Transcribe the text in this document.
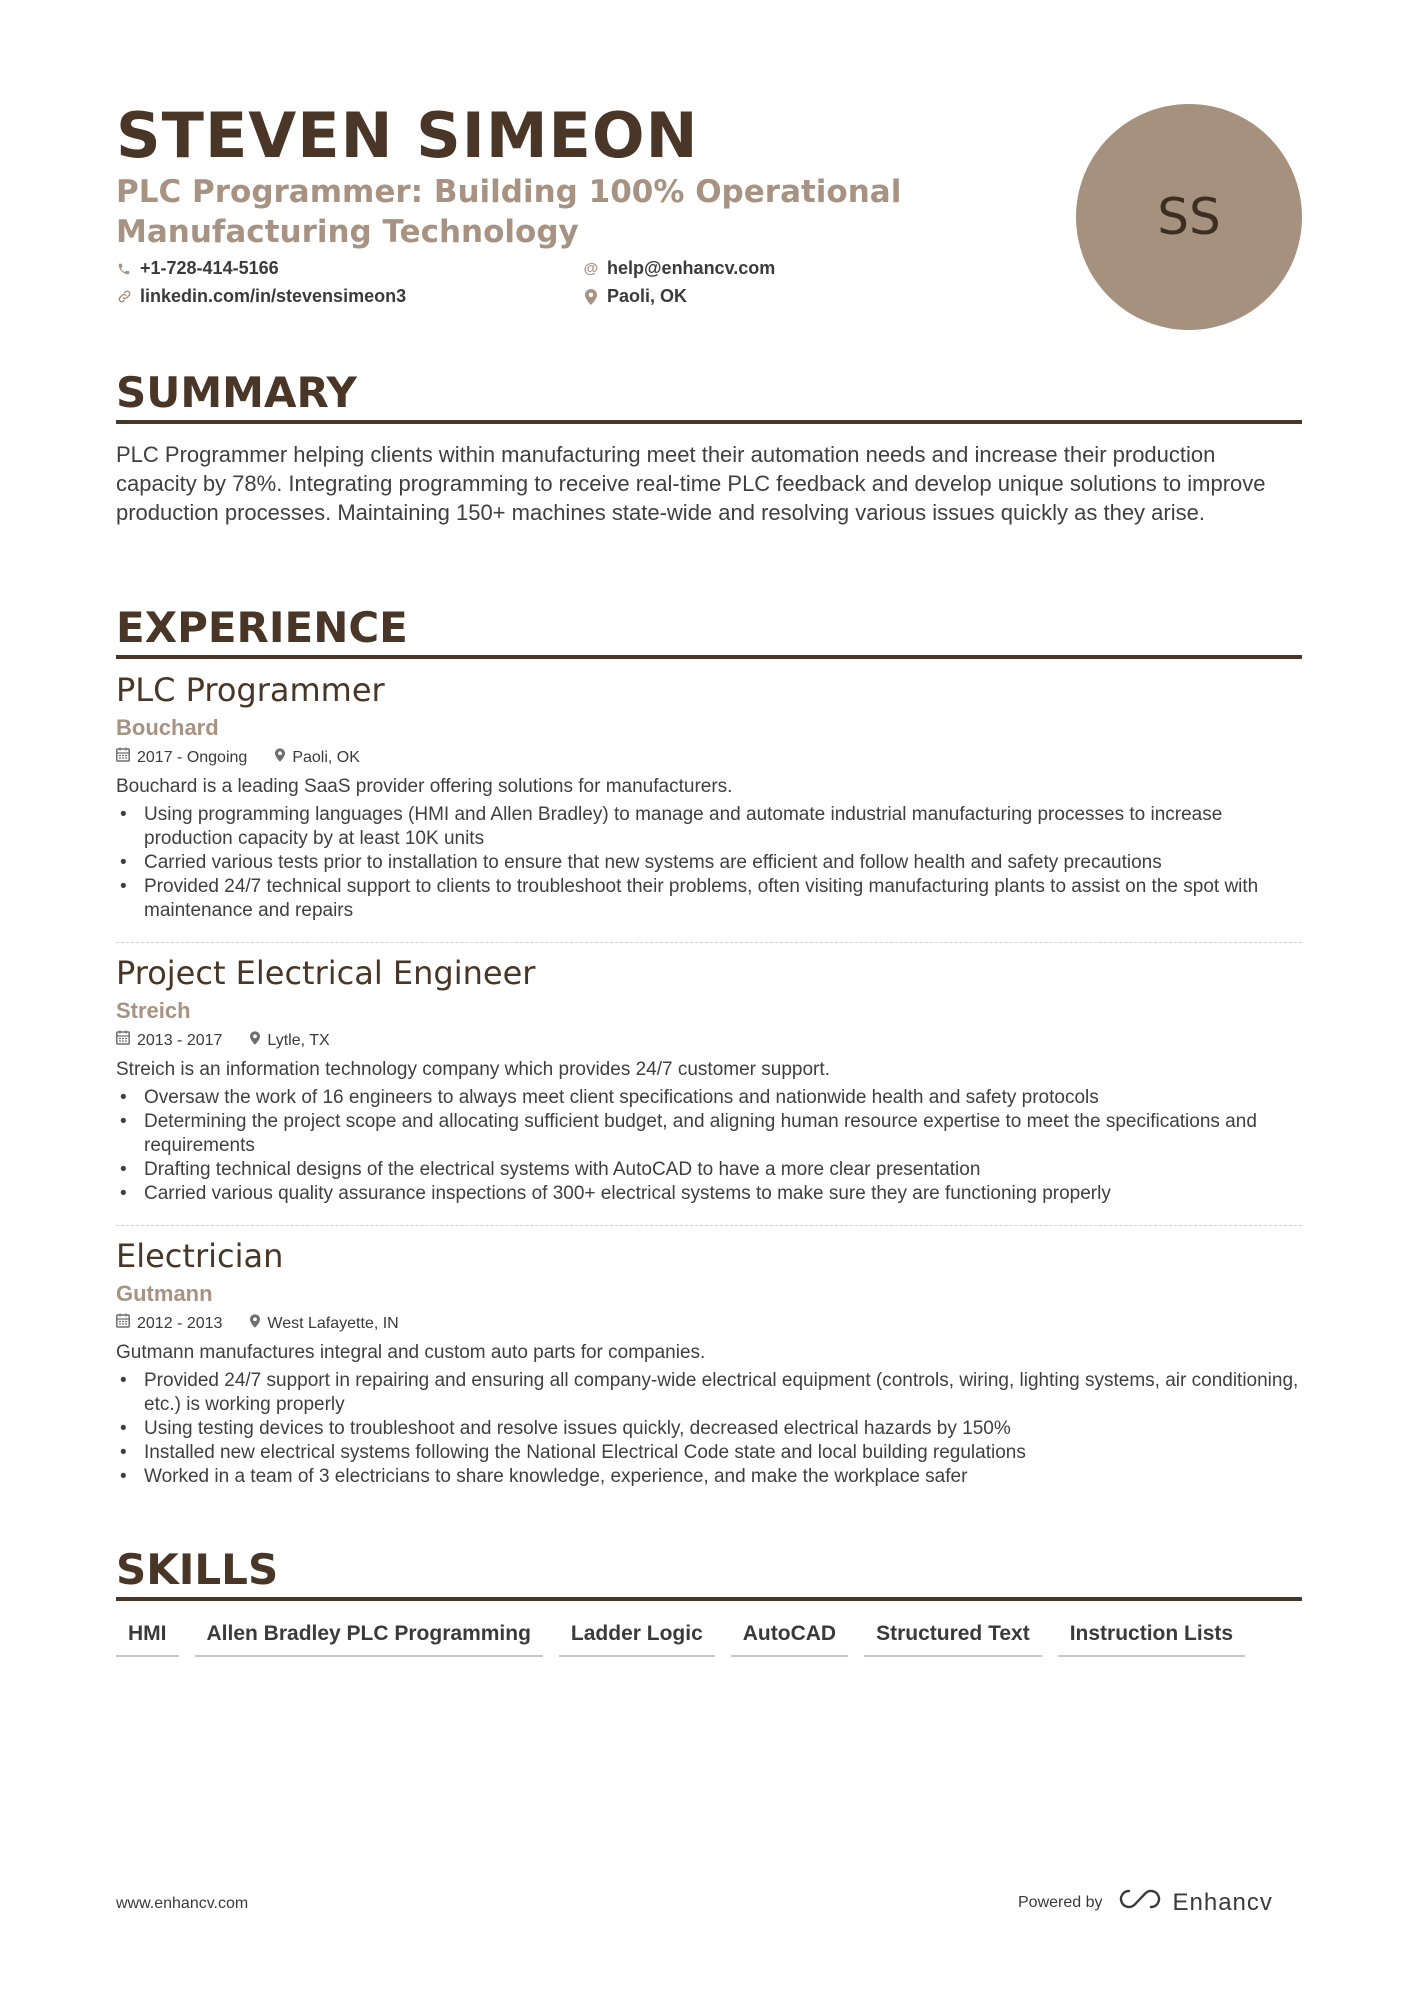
STEVEN SIMEON
PLC Programmer: Building 100% Operational Manufacturing Technology
+1-728-414-5166	@ help@enhancv.com
linkedin.com/in/stevensimeon3	Paoli, OK
SS
SUMMARY
PLC Programmer helping clients within manufacturing meet their automation needs and increase their production capacity by 78%. Integrating programming to receive real-time PLC feedback and develop unique solutions to improve production processes. Maintaining 150+ machines state-wide and resolving various issues quickly as they arise.
EXPERIENCE
PLC Programmer
Bouchard
2017 - Ongoing	Paoli, OK
Bouchard is a leading SaaS provider offering solutions for manufacturers.
• Using programming languages (HMI and Allen Bradley) to manage and automate industrial manufacturing processes to increase production capacity by at least 10K units
• Carried various tests prior to installation to ensure that new systems are efficient and follow health and safety precautions
• Provided 24/7 technical support to clients to troubleshoot their problems, often visiting manufacturing plants to assist on the spot with maintenance and repairs
Project Electrical Engineer
Streich
2013 - 2017	Lytle, TX
Streich is an information technology company which provides 24/7 customer support.
• Oversaw the work of 16 engineers to always meet client specifications and nationwide health and safety protocols
• Determining the project scope and allocating sufficient budget, and aligning human resource expertise to meet the specifications and requirements
• Drafting technical designs of the electrical systems with AutoCAD to have a more clear presentation
• Carried various quality assurance inspections of 300+ electrical systems to make sure they are functioning properly
Electrician
Gutmann
2012 - 2013	West Lafayette, IN
Gutmann manufactures integral and custom auto parts for companies.
• Provided 24/7 support in repairing and ensuring all company-wide electrical equipment (controls, wiring, lighting systems, air conditioning, etc.) is working properly
• Using testing devices to troubleshoot and resolve issues quickly, decreased electrical hazards by 150%
• Installed new electrical systems following the National Electrical Code state and local building regulations
• Worked in a team of 3 electricians to share knowledge, experience, and make the workplace safer
SKILLS
HMI	Allen Bradley PLC Programming	Ladder Logic	AutoCAD	Structured Text	Instruction Lists
www.enhancv.com	Powered by	Enhancv
